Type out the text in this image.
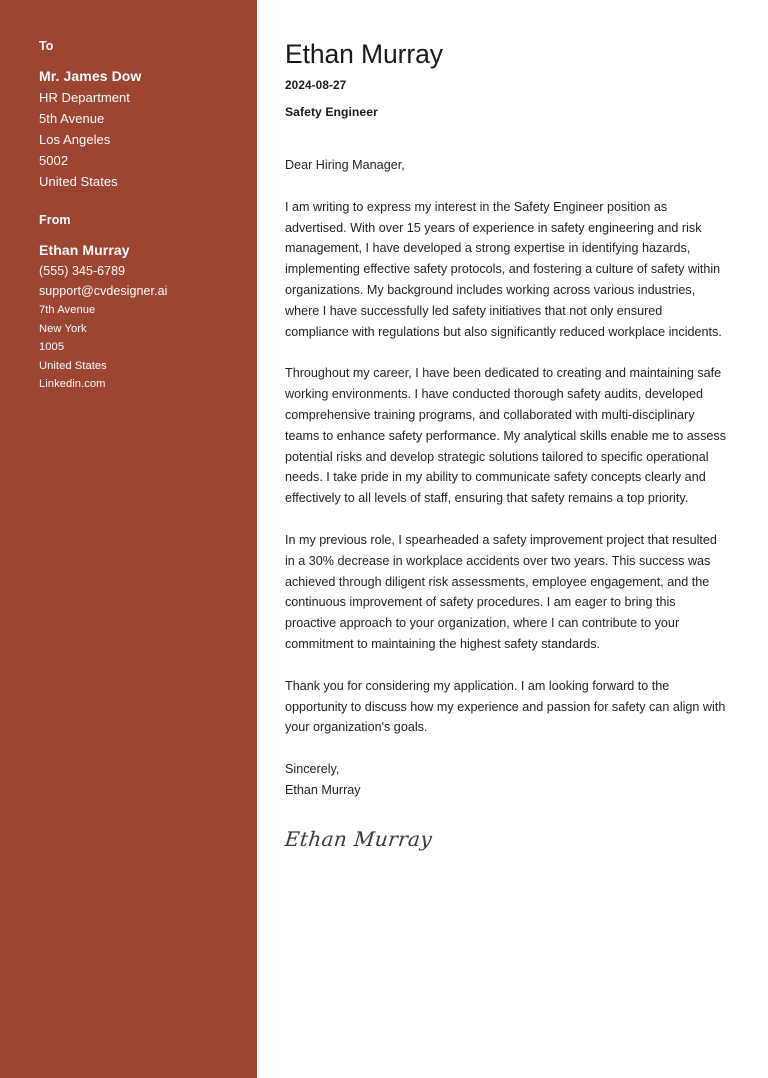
To
Mr. James Dow
HR Department
5th Avenue
Los Angeles
5002
United States
From
Ethan Murray
(555) 345-6789
support@cvdesigner.ai
7th Avenue
New York
1005
United States
Linkedin.com
Ethan Murray
2024-08-27
Safety Engineer

Dear Hiring Manager,

I am writing to express my interest in the Safety Engineer position as advertised. With over 15 years of experience in safety engineering and risk management, I have developed a strong expertise in identifying hazards, implementing effective safety protocols, and fostering a culture of safety within organizations. My background includes working across various industries, where I have successfully led safety initiatives that not only ensured compliance with regulations but also significantly reduced workplace incidents.

Throughout my career, I have been dedicated to creating and maintaining safe working environments. I have conducted thorough safety audits, developed comprehensive training programs, and collaborated with multi-disciplinary teams to enhance safety performance. My analytical skills enable me to assess potential risks and develop strategic solutions tailored to specific operational needs. I take pride in my ability to communicate safety concepts clearly and effectively to all levels of staff, ensuring that safety remains a top priority.

In my previous role, I spearheaded a safety improvement project that resulted in a 30% decrease in workplace accidents over two years. This success was achieved through diligent risk assessments, employee engagement, and the continuous improvement of safety procedures. I am eager to bring this proactive approach to your organization, where I can contribute to your commitment to maintaining the highest safety standards.

Thank you for considering my application. I am looking forward to the opportunity to discuss how my experience and passion for safety can align with your organization's goals.

Sincerely,
Ethan Murray
Ethan Murray
